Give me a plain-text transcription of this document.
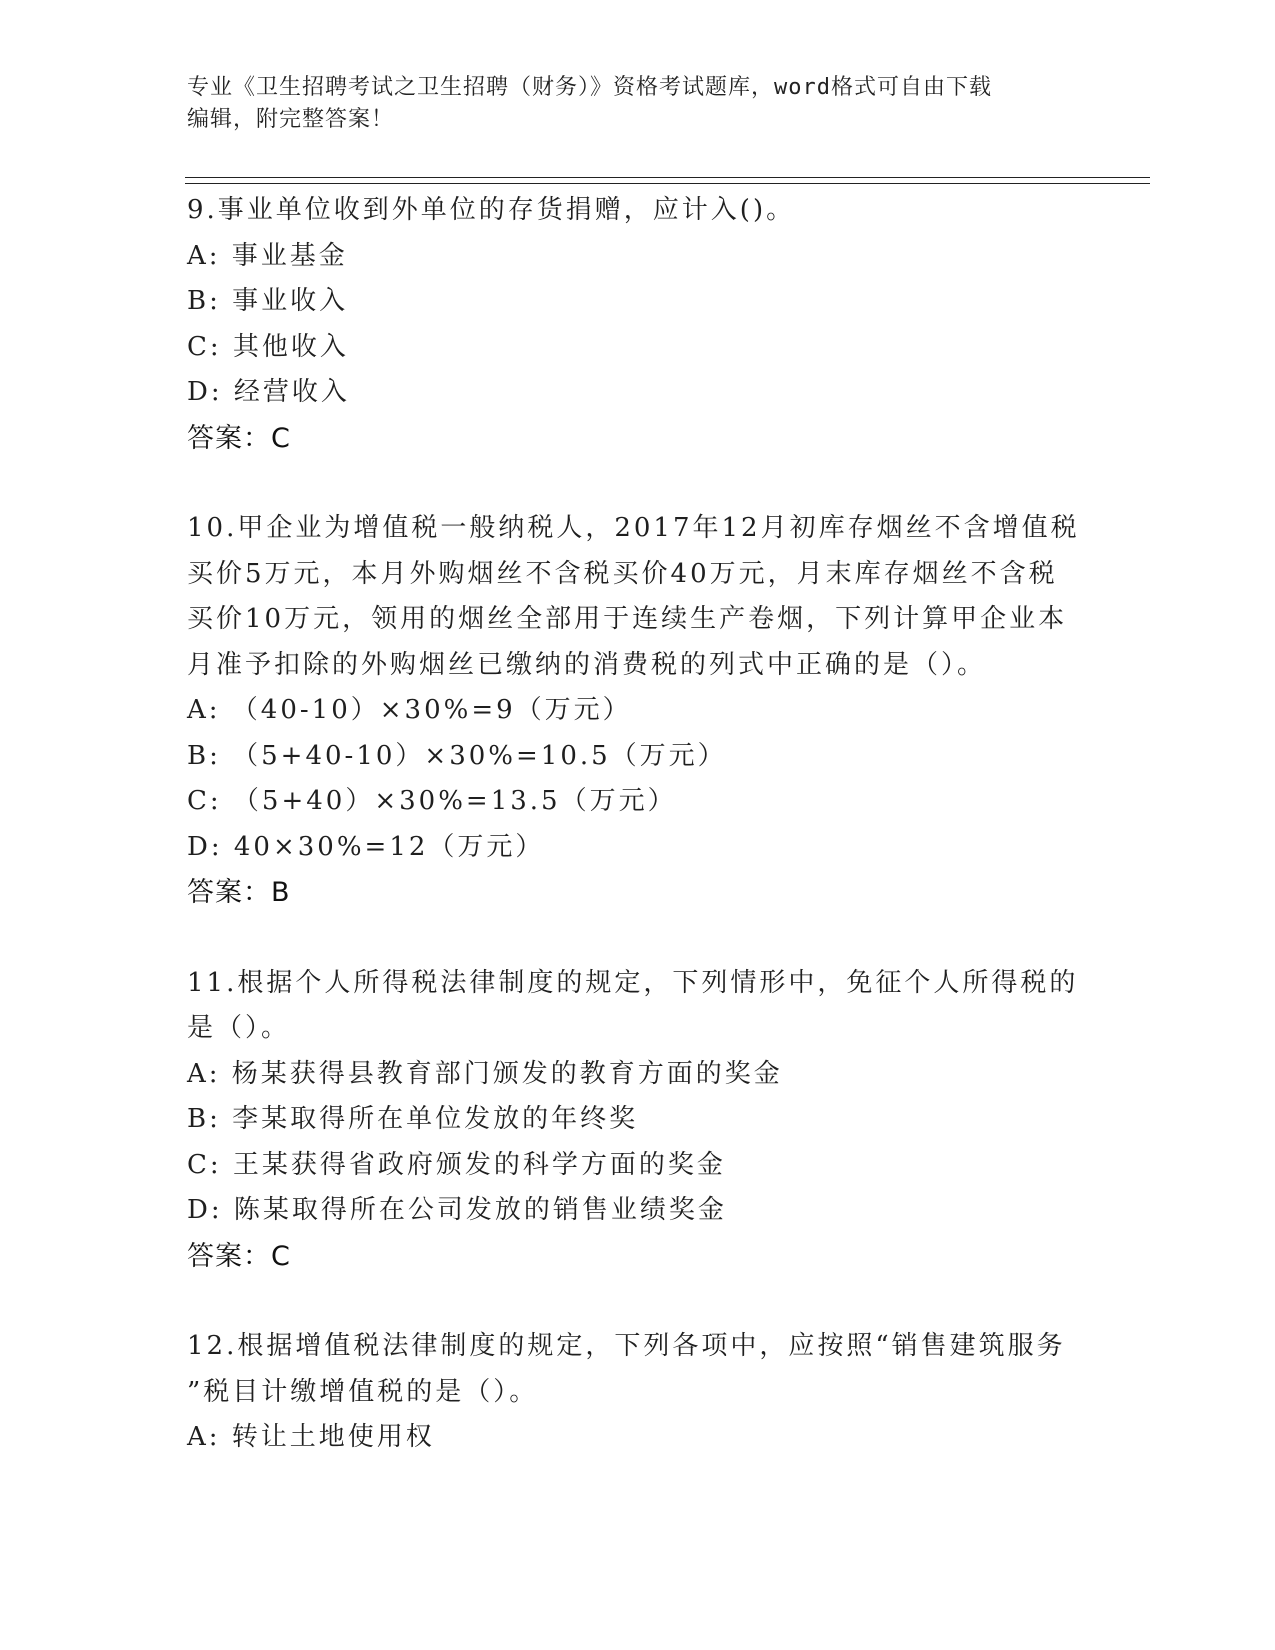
专业《卫生招聘考试之卫生招聘（财务）》资格考试题库，word格式可自由下载
编辑，附完整答案！
9.事业单位收到外单位的存货捐赠，应计入()。
A: 事业基金
B: 事业收入
C: 其他收入
D: 经营收入
答案：C
10.甲企业为增值税一般纳税人，2017年12月初库存烟丝不含增值税
买价5万元，本月外购烟丝不含税买价40万元，月末库存烟丝不含税
买价10万元，领用的烟丝全部用于连续生产卷烟，下列计算甲企业本
月准予扣除的外购烟丝已缴纳的消费税的列式中正确的是（）。
A: （40-10）×30%=9（万元）
B: （5+40-10）×30%=10.5（万元）
C: （5+40）×30%=13.5（万元）
D: 40×30%=12（万元）
答案：B
11.根据个人所得税法律制度的规定，下列情形中，免征个人所得税的
是（）。
A: 杨某获得县教育部门颁发的教育方面的奖金
B: 李某取得所在单位发放的年终奖
C: 王某获得省政府颁发的科学方面的奖金
D: 陈某取得所在公司发放的销售业绩奖金
答案：C
12.根据增值税法律制度的规定，下列各项中，应按照“销售建筑服务
”税目计缴增值税的是（）。
A: 转让土地使用权
